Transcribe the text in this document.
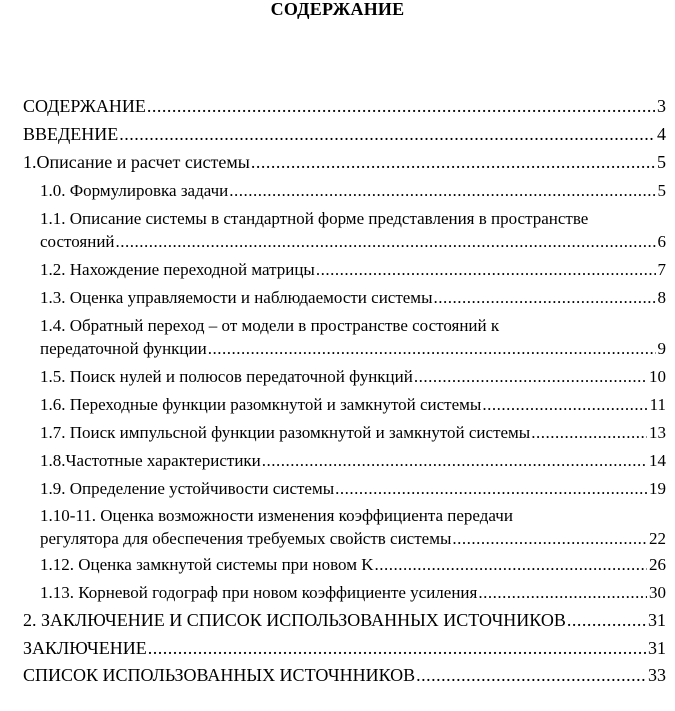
СОДЕРЖАНИЕ
СОДЕРЖАНИЕ .....	3
ВВЕДЕНИЕ .....	4
1.Описание и расчет системы .....	5
1.0. Формулировка задачи .....	5
1.1. Описание системы в стандартной форме представления в пространстве
состояний .....	6
1.2. Нахождение переходной матрицы .....	7
1.3. Оценка управляемости и наблюдаемости системы .....	8
1.4. Обратный переход – от модели в пространстве состояний к
передаточной функции .....	9
1.5. Поиск нулей и полюсов передаточной функций .....	10
1.6. Переходные функции разомкнутой и замкнутой системы .....	11
1.7. Поиск импульсной функции разомкнутой и замкнутой системы .....	13
1.8.Частотные характеристики .....	14
1.9. Определение устойчивости системы .....	19
1.10-11. Оценка возможности изменения коэффициента передачи
регулятора для обеспечения требуемых свойств системы .....	22
1.12. Оценка замкнутой системы при новом K .....	26
1.13. Корневой годограф при новом коэффициенте усиления .....	30
2. ЗАКЛЮЧЕНИЕ И СПИСОК ИСПОЛЬЗОВАННЫХ ИСТОЧНИКОВ .....	31
ЗАКЛЮЧЕНИЕ .....	31
СПИСОК ИСПОЛЬЗОВАННЫХ ИСТОЧННИКОВ .....	33
